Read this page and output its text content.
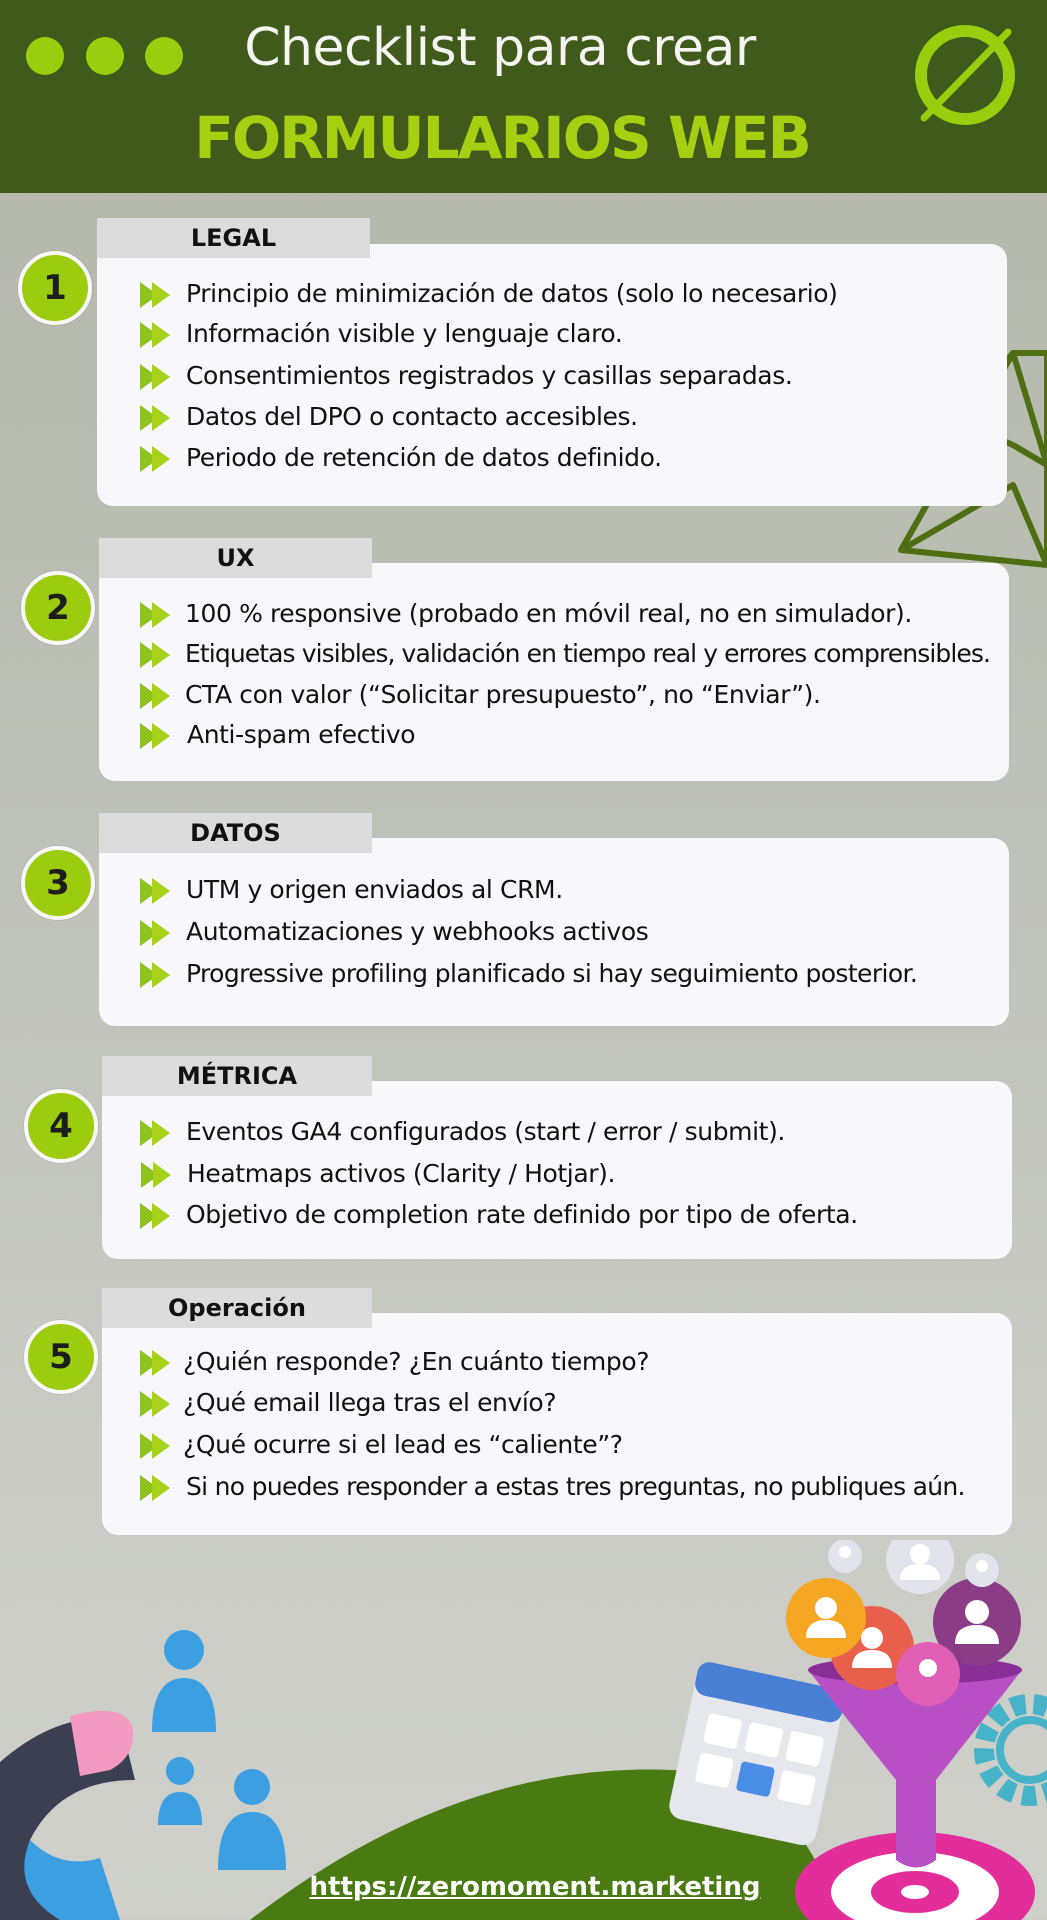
Checklist para crear
FORMULARIOS WEB
LEGAL
1	Principio de minimización de datos (solo lo necesario)
Información visible y lenguaje claro.
Consentimientos registrados y casillas separadas.
Datos del DPO o contacto accesibles.
Periodo de retención de datos definido.
UX
2	100 % responsive (probado en móvil real, no en simulador).
Etiquetas visibles, validación en tiempo real y errores comprensibles.
CTA con valor (“Solicitar presupuesto”, no “Enviar”).
Anti-spam efectivo
DATOS
3	UTM y origen enviados al CRM.
Automatizaciones y webhooks activos
Progressive profiling planificado si hay seguimiento posterior.
MÉTRICA
4	Eventos GA4 configurados (start / error / submit).
Heatmaps activos (Clarity / Hotjar).
Objetivo de completion rate definido por tipo de oferta.
Operación
5	¿Quién responde? ¿En cuánto tiempo?
¿Qué email llega tras el envío?
¿Qué ocurre si el lead es “caliente”?
Si no puedes responder a estas tres preguntas, no publiques aún.
https://zeromoment.marketing
